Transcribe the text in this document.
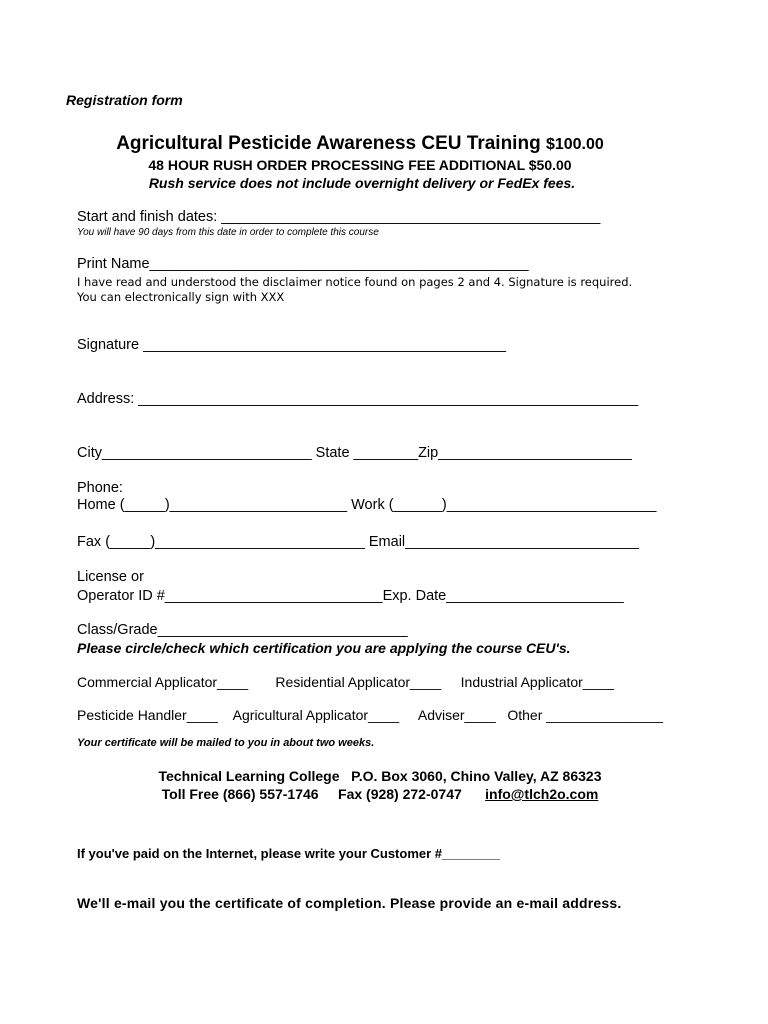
Registration form
Agricultural Pesticide Awareness CEU Training $100.00
48 HOUR RUSH ORDER PROCESSING FEE ADDITIONAL $50.00
Rush service does not include overnight delivery or FedEx fees.
Start and finish dates: _______________________________________________
You will have 90 days from this date in order to complete this course
Print Name_______________________________________________
I have read and understood the disclaimer notice found on pages 2 and 4. Signature is required.
You can electronically sign with XXX
Signature _____________________________________________
Address: ______________________________________________________________
City__________________________ State ________Zip________________________
Phone:
Home (_____)______________________ Work (______)__________________________
Fax (_____)__________________________ Email_____________________________
License or
Operator ID #___________________________Exp. Date______________________
Class/Grade_______________________________
Please circle/check which certification you are applying the course CEU's.
Commercial Applicator____       Residential Applicator____     Industrial Applicator____
Pesticide Handler____    Agricultural Applicator____     Adviser____   Other _______________
Your certificate will be mailed to you in about two weeks.
Technical Learning College   P.O. Box 3060, Chino Valley, AZ 86323
Toll Free (866) 557-1746     Fax (928) 272-0747 info@tlch2o.com
If you've paid on the Internet, please write your Customer #________
We'll e-mail you the certificate of completion. Please provide an e-mail address.
